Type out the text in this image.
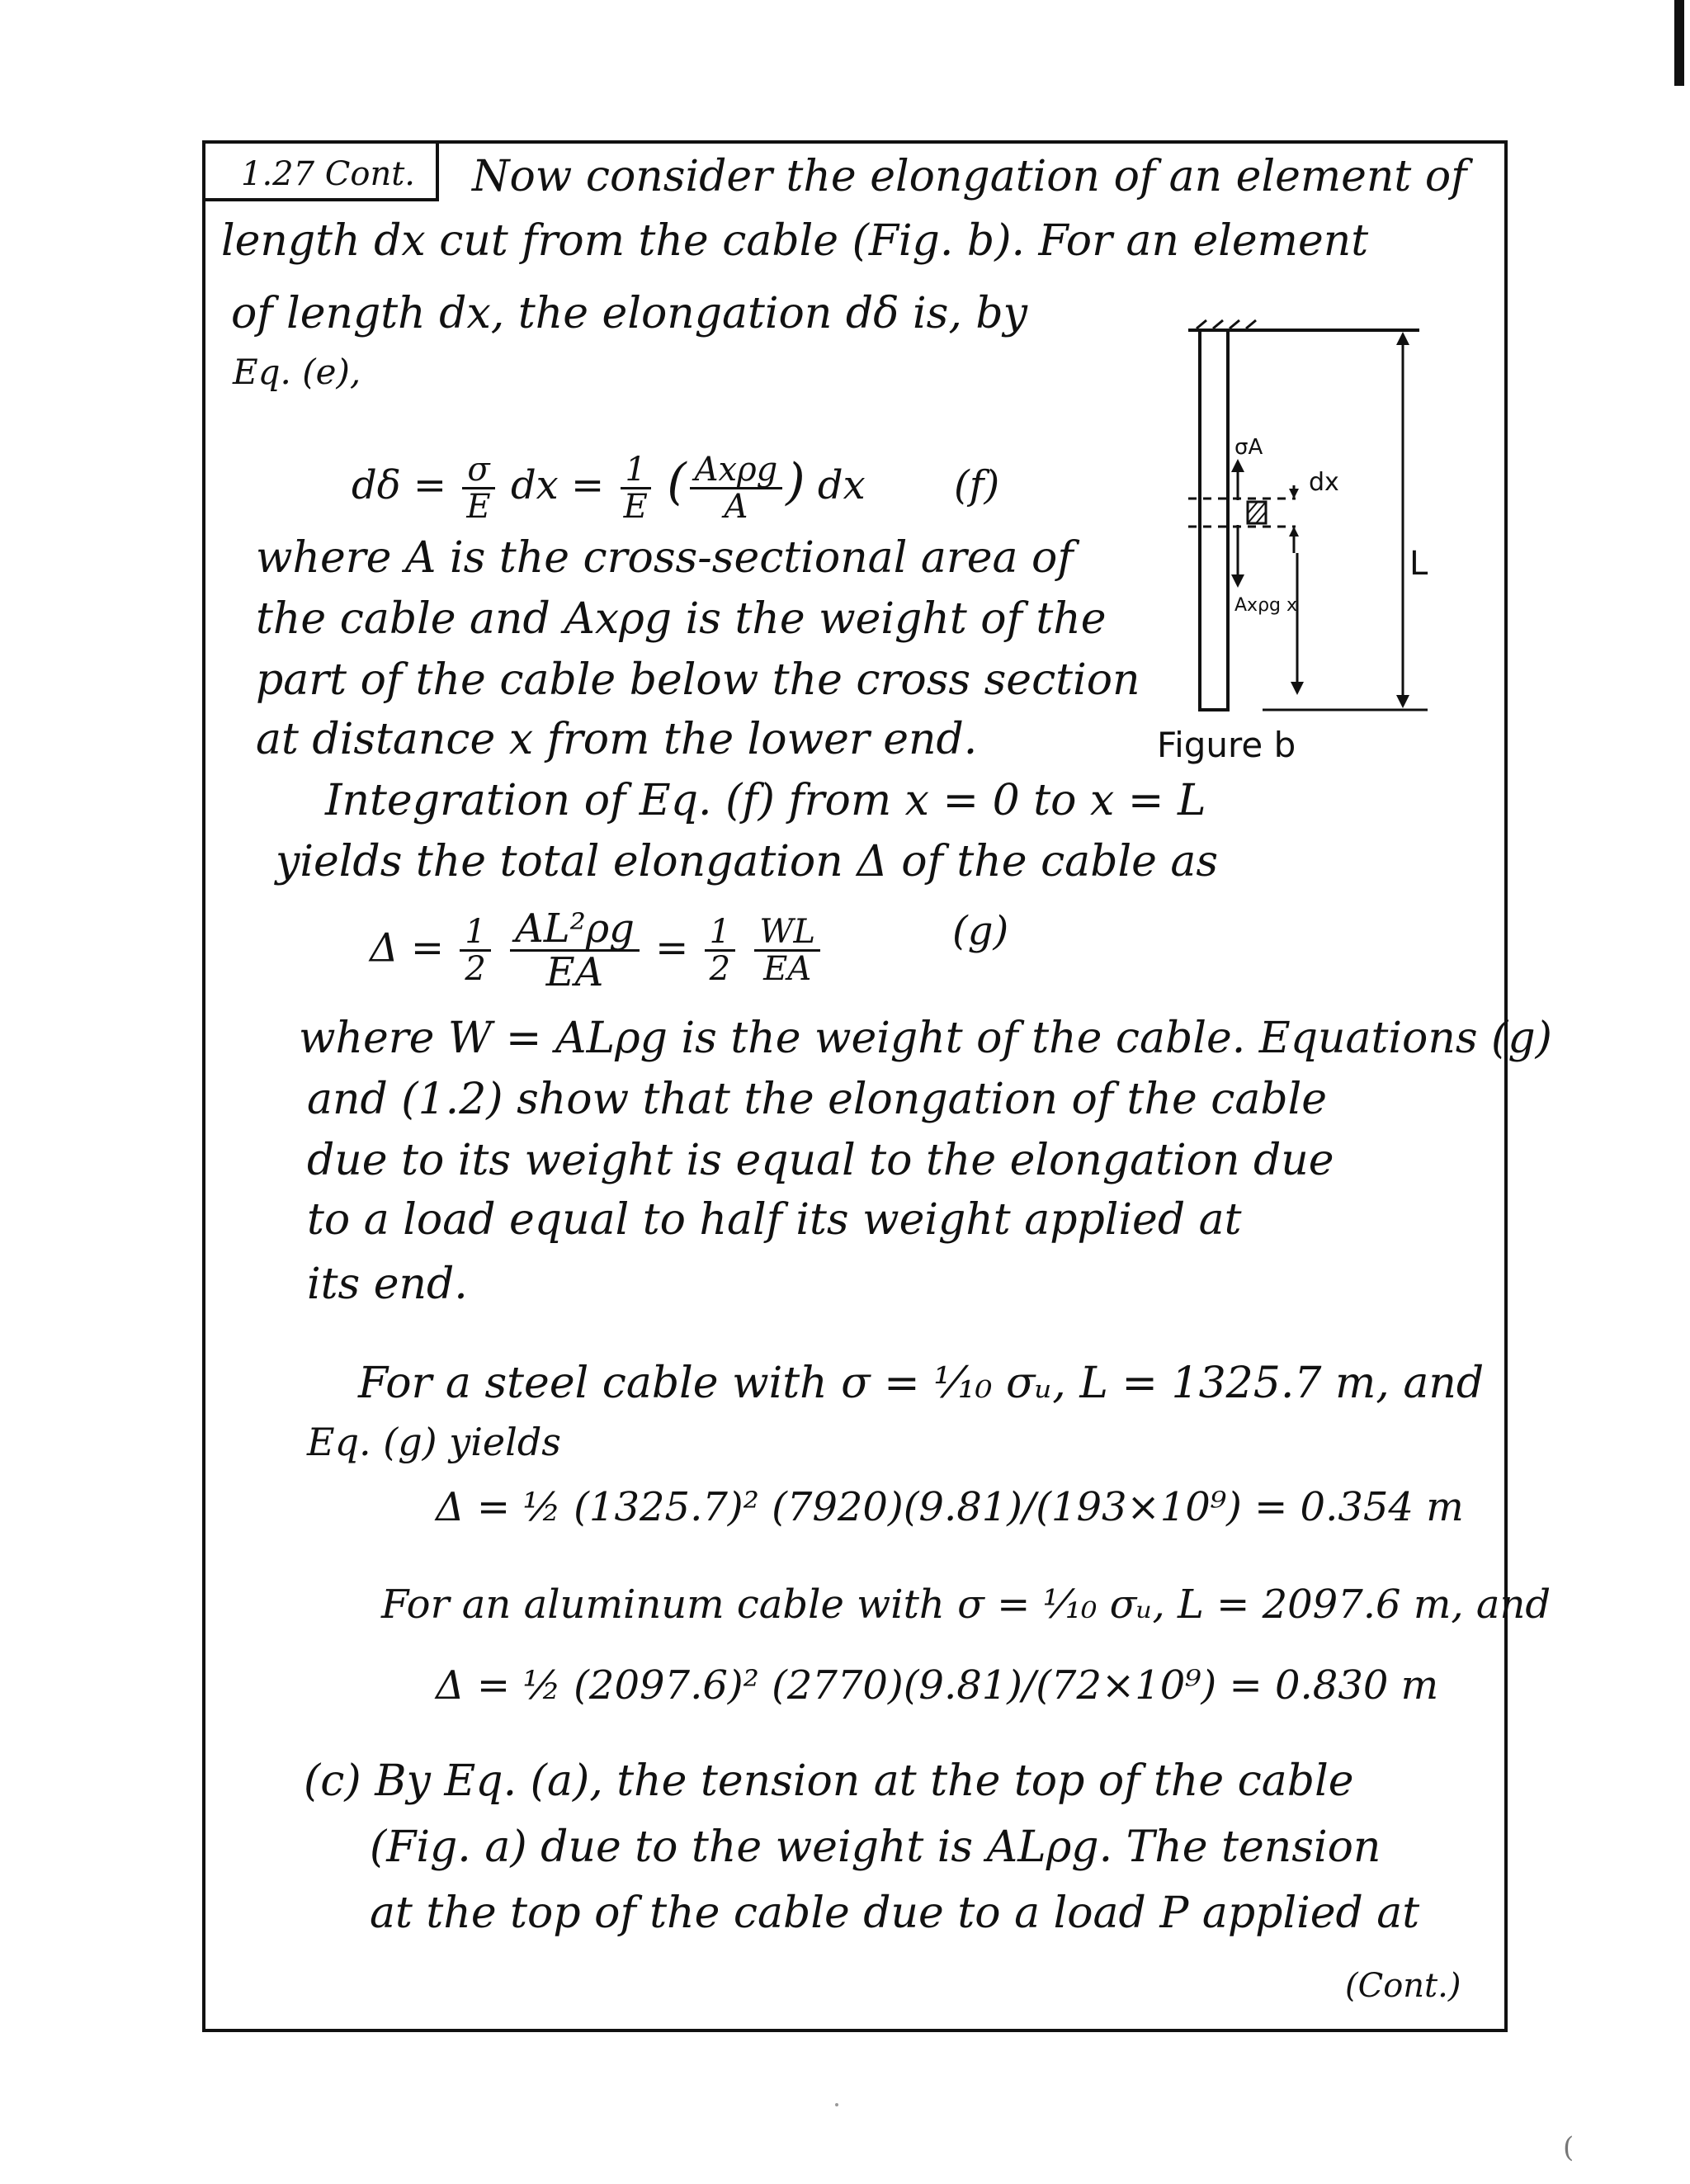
1.27 Cont. Now consider the elongation of an element of
length dx cut from the cable (Fig. b). For an element
of length dx, the elongation dδ is, by
Eq. (e),
$d\delta = \frac{\sigma}{E}$ dx = $\frac{1}{E}$ ( $\frac{\text{Axρg}}{A}$ ) dx (f)
where A is the cross-sectional area of
the cable and Axρg is the weight of the
part of the cable below the cross section
at distance x from the lower end.
σA
dx
L
Axρg x
Figure b
Integration of Eq. (f) from x = 0 to x = L
yields the total elongation Δ of the cable as
$\Delta = \frac{1}{2}$
$\frac{\text{AL²ρg}}{EA} = \frac{1}{2}$
$\frac{WL}{EA}$	(g)
where W = ALρg is the weight of the cable. Equations (g)
and (1.2) show that the elongation of the cable
due to its weight is equal to the elongation due
to a load equal to half its weight applied at
its end.
For a steel cable with σ = ¹⁄₁₀ σᵤ, L = 1325.7 m, and
Eq. (g) yields
Δ = ½ (1325.7)² (7920)(9.81)/(193×10⁹) = 0.354 m
For an aluminum cable with σ = ¹⁄₁₀ σᵤ, L = 2097.6 m, and
Δ = ½ (2097.6)² (2770)(9.81)/(72×10⁹) = 0.830 m
(c) By Eq. (a), the tension at the top of the cable
(Fig. a) due to the weight is ALρg. The tension
at the top of the cable due to a load P applied at
(Cont.)
(
